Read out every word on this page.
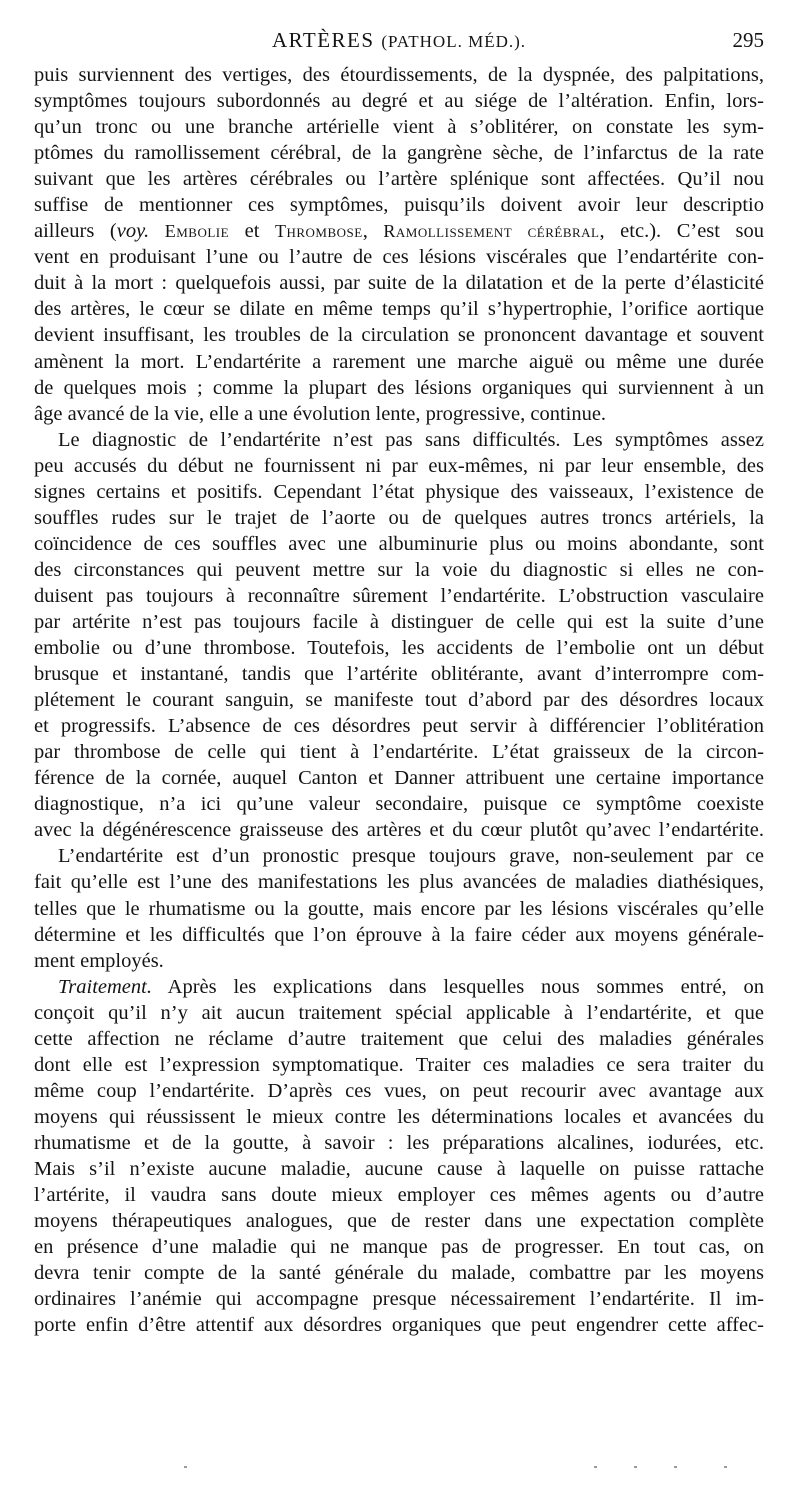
ARTÈRES (PATHOL. MÉD.).	295
puis surviennent des vertiges, des étourdissements, de la dyspnée, des palpitations,
symptômes toujours subordonnés au degré et au siége de l’altération. Enfin, lors-
qu’un tronc ou une branche artérielle vient à s’oblitérer, on constate les sym-
ptômes du ramollissement cérébral, de la gangrène sèche, de l’infarctus de la rate
suivant que les artères cérébrales ou l’artère splénique sont affectées. Qu’il nou
suffise de mentionner ces symptômes, puisqu’ils doivent avoir leur descriptio
ailleurs (voy. Embolie et Thrombose, Ramollissement cérébral, etc.). C’est sou
vent en produisant l’une ou l’autre de ces lésions viscérales que l’endartérite con-
duit à la mort : quelquefois aussi, par suite de la dilatation et de la perte d’élasticité
des artères, le cœur se dilate en même temps qu’il s’hypertrophie, l’orifice aortique
devient insuffisant, les troubles de la circulation se prononcent davantage et souvent
amènent la mort. L’endartérite a rarement une marche aiguë ou même une durée
de quelques mois ; comme la plupart des lésions organiques qui surviennent à un
âge avancé de la vie, elle a une évolution lente, progressive, continue.
Le diagnostic de l’endartérite n’est pas sans difficultés. Les symptômes assez
peu accusés du début ne fournissent ni par eux-mêmes, ni par leur ensemble, des
signes certains et positifs. Cependant l’état physique des vaisseaux, l’existence de
souffles rudes sur le trajet de l’aorte ou de quelques autres troncs artériels, la
coïncidence de ces souffles avec une albuminurie plus ou moins abondante, sont
des circonstances qui peuvent mettre sur la voie du diagnostic si elles ne con-
duisent pas toujours à reconnaître sûrement l’endartérite. L’obstruction vasculaire
par artérite n’est pas toujours facile à distinguer de celle qui est la suite d’une
embolie ou d’une thrombose. Toutefois, les accidents de l’embolie ont un début
brusque et instantané, tandis que l’artérite oblitérante, avant d’interrompre com-
plétement le courant sanguin, se manifeste tout d’abord par des désordres locaux
et progressifs. L’absence de ces désordres peut servir à différencier l’oblitération
par thrombose de celle qui tient à l’endartérite. L’état graisseux de la circon-
férence de la cornée, auquel Canton et Danner attribuent une certaine importance
diagnostique, n’a ici qu’une valeur secondaire, puisque ce symptôme coexiste
avec la dégénérescence graisseuse des artères et du cœur plutôt qu’avec l’endartérite.
L’endartérite est d’un pronostic presque toujours grave, non-seulement par ce
fait qu’elle est l’une des manifestations les plus avancées de maladies diathésiques,
telles que le rhumatisme ou la goutte, mais encore par les lésions viscérales qu’elle
détermine et les difficultés que l’on éprouve à la faire céder aux moyens générale-
ment employés.
Traitement. Après les explications dans lesquelles nous sommes entré, on
conçoit qu’il n’y ait aucun traitement spécial applicable à l’endartérite, et que
cette affection ne réclame d’autre traitement que celui des maladies générales
dont elle est l’expression symptomatique. Traiter ces maladies ce sera traiter du
même coup l’endartérite. D’après ces vues, on peut recourir avec avantage aux
moyens qui réussissent le mieux contre les déterminations locales et avancées du
rhumatisme et de la goutte, à savoir : les préparations alcalines, iodurées, etc.
Mais s’il n’existe aucune maladie, aucune cause à laquelle on puisse rattache
l’artérite, il vaudra sans doute mieux employer ces mêmes agents ou d’autre
moyens thérapeutiques analogues, que de rester dans une expectation complète
en présence d’une maladie qui ne manque pas de progresser. En tout cas, on
devra tenir compte de la santé générale du malade, combattre par les moyens
ordinaires l’anémie qui accompagne presque nécessairement l’endartérite. Il im-
porte enfin d’être attentif aux désordres organiques que peut engendrer cette affec-
